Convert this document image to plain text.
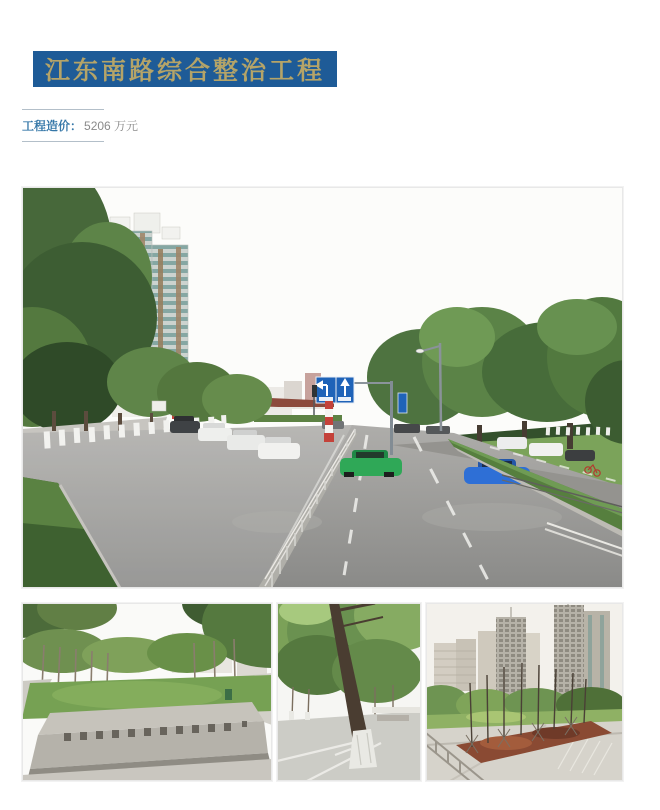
江东南路综合整治工程
工程造价： 5206 万元
